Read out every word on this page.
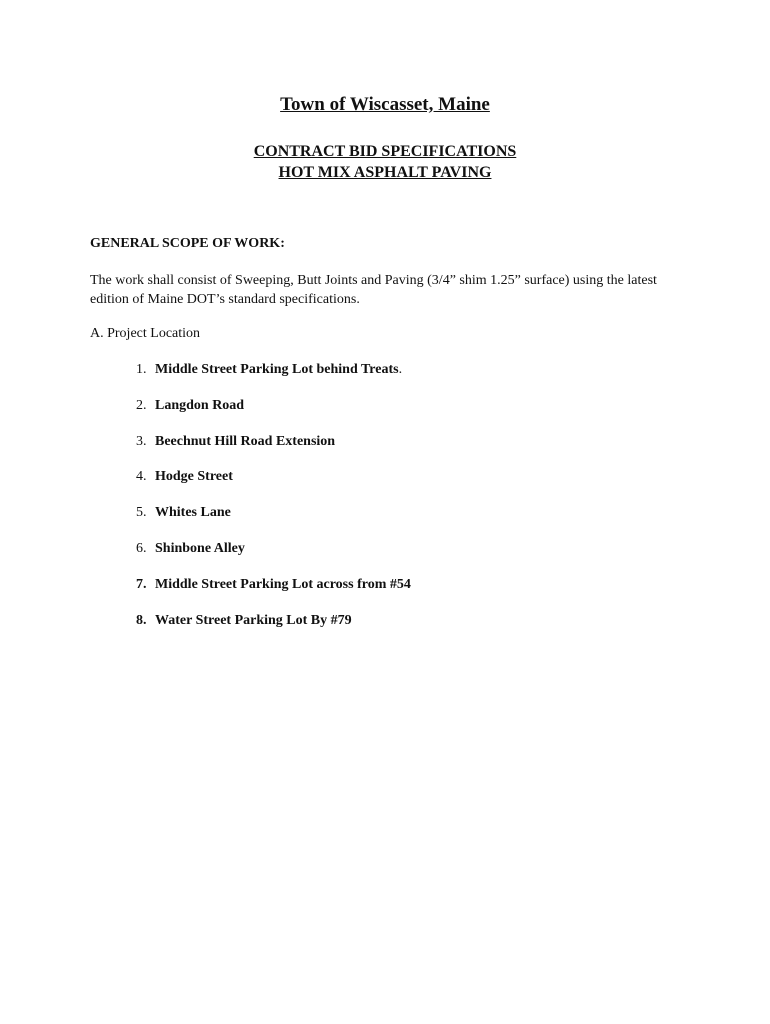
Town of Wiscasset, Maine
CONTRACT BID SPECIFICATIONS
HOT MIX ASPHALT PAVING
GENERAL SCOPE OF WORK:

The work shall consist of Sweeping, Butt Joints and Paving (3/4” shim 1.25” surface) using the latest edition of Maine DOT’s standard specifications.

A. Project Location

1. Middle Street Parking Lot behind Treats.
2. Langdon Road
3. Beechnut Hill Road Extension
4. Hodge Street
5. Whites Lane
6. Shinbone Alley
7. Middle Street Parking Lot across from #54
8. Water Street Parking Lot By #79
